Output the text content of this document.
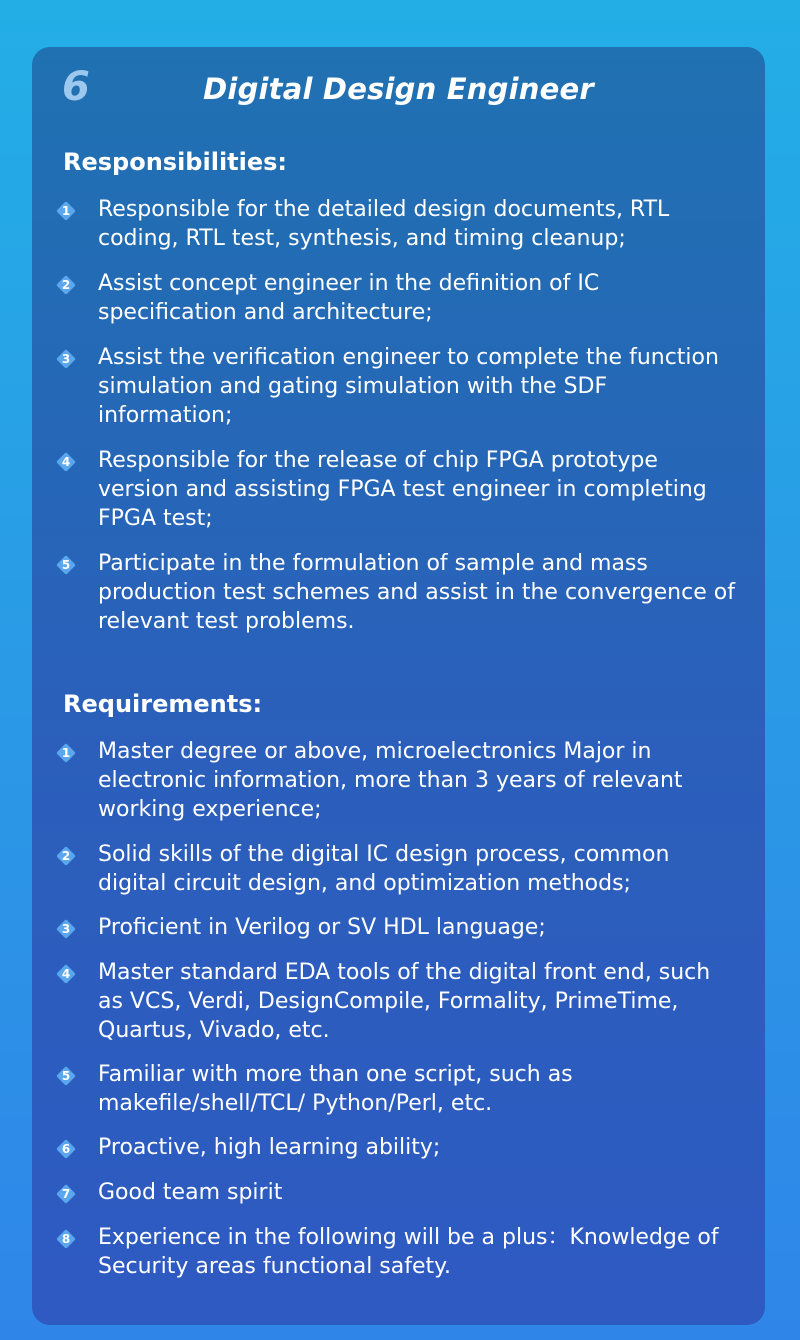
6	Digital Design Engineer
Responsibilities:
1 Responsible for the detailed design documents, RTL coding, RTL test, synthesis, and timing cleanup;
2 Assist concept engineer in the definition of IC specification and architecture;
3 Assist the verification engineer to complete the function simulation and gating simulation with the SDF information;
4 Responsible for the release of chip FPGA prototype version and assisting FPGA test engineer in completing FPGA test;
5 Participate in the formulation of sample and mass production test schemes and assist in the convergence of relevant test problems.
Requirements:
1 Master degree or above, microelectronics Major in electronic information, more than 3 years of relevant working experience;
2 Solid skills of the digital IC design process, common digital circuit design, and optimization methods;
3 Proficient in Verilog or SV HDL language;
4 Master standard EDA tools of the digital front end, such as VCS, Verdi, DesignCompile, Formality, PrimeTime, Quartus, Vivado, etc.
5 Familiar with more than one script, such as makefile/shell/TCL/ Python/Perl, etc.
6 Proactive, high learning ability;
7 Good team spirit
8 Experience in the following will be a plus：Knowledge of Security areas functional safety.
